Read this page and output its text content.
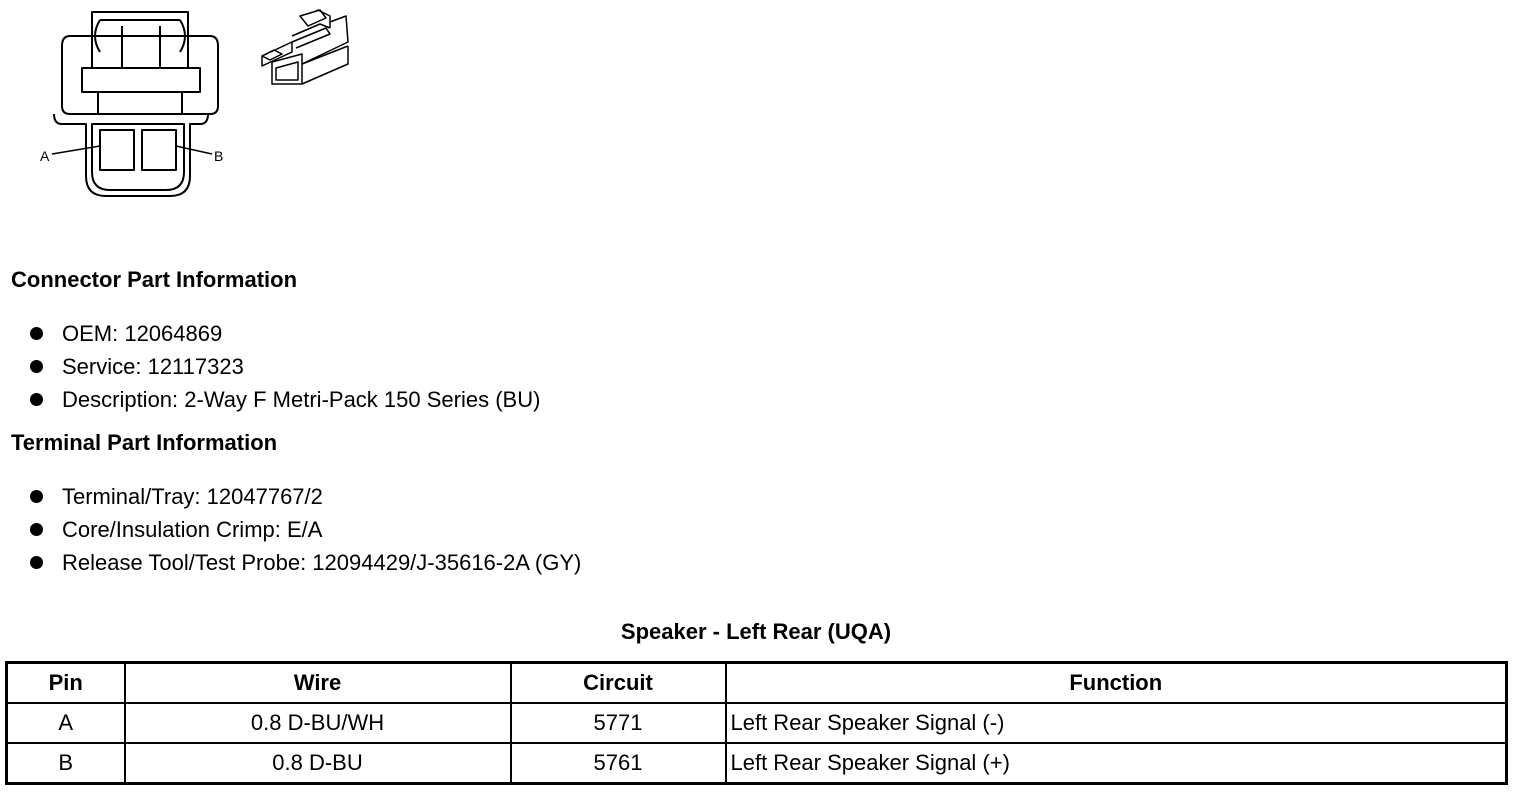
A	B
Connector Part Information
OEM: 12064869
Service: 12117323
Description: 2-Way F Metri-Pack 150 Series (BU)
Terminal Part Information
Terminal/Tray: 12047767/2
Core/Insulation Crimp: E/A
Release Tool/Test Probe: 12094429/J-35616-2A (GY)
Speaker - Left Rear (UQA)
Pin	Wire	Circuit	Function
A	0.8 D-BU/WH	5771	Left Rear Speaker Signal (-)
B	0.8 D-BU	5761	Left Rear Speaker Signal (+)
